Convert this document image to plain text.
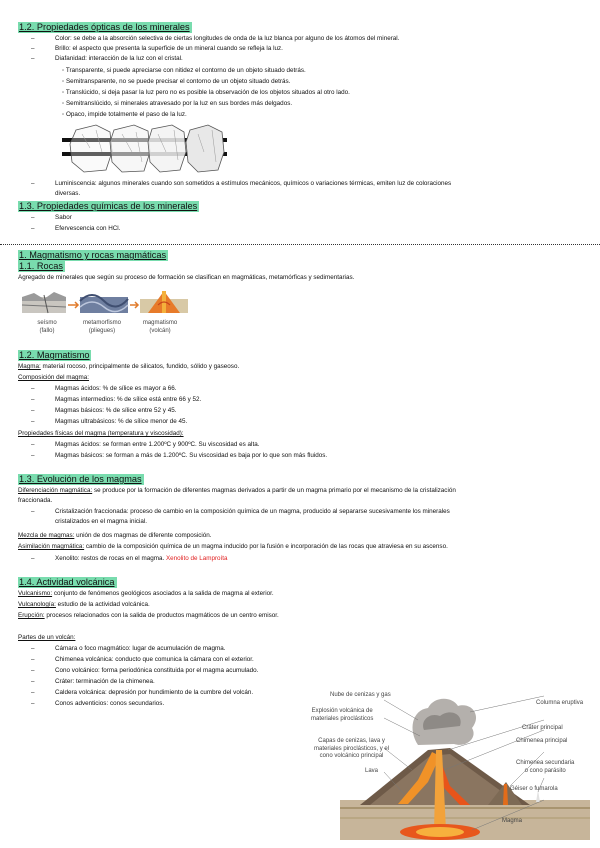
1.2. Propiedades ópticas de los minerales
–	Color: se debe a la absorción selectiva de ciertas longitudes de onda de la luz blanca por alguno de los átomos del mineral.
–	Brillo: el aspecto que presenta la superficie de un mineral cuando se refleja la luz.
–	Diafanidad: interacción de la luz con el cristal.
◦ Transparente, si puede apreciarse con nitidez el contorno de un objeto situado detrás.
◦ Semitransparente, no se puede precisar el contorno de un objeto situado detrás.
◦ Translúcido, si deja pasar la luz pero no es posible la observación de los objetos situados al otro lado.
◦ Semitranslúcido, si minerales atravesado por la luz en sus bordes más delgados.
◦ Opaco, impide totalmente el paso de la luz.
–	Luminiscencia: algunos minerales cuando son sometidos a estímulos mecánicos, químicos o variaciones térmicas, emiten luz de coloraciones
diversas.
1.3. Propiedades químicas de los minerales
–	Sabor
–	Efervescencia con HCl.
1. Magmatismo y rocas magmáticas
1.1. Rocas
Agregado de minerales que según su proceso de formación se clasifican en magmáticas, metamórficas y sedimentarias.
seísmo
(fallo)
metamorfismo
(pliegues)
magmatismo
(volcán)
1.2. Magmatismo
Magma: material rocoso, principalmente de silicatos, fundido, sólido y gaseoso.
Composición del magma:
–	Magmas ácidos: % de sílice es mayor a 66.
–	Magmas intermedios: % de sílice está entre 66 y 52.
–	Magmas básicos: % de sílice entre 52 y 45.
–	Magmas ultrabásicos: % de sílice menor de 45.
Propiedades físicas del magma (temperatura y viscosidad):
–	Magmas ácidos: se forman entre 1.200ºC y 900ºC. Su viscosidad es alta.
–	Magmas básicos: se forman a más de 1.200ºC. Su viscosidad es baja por lo que son más fluidos.
1.3. Evolución de los magmas
Diferenciación magmática: se produce por la formación de diferentes magmas derivados a partir de un magma primario por el mecanismo de la cristalización
fraccionada.
–	Cristalización fraccionada: proceso de cambio en la composición química de un magma, producido al separarse sucesivamente los minerales
cristalizados en el magma inicial.
Mezcla de magmas: unión de dos magmas de diferente composición.
Asimilación magmática: cambio de la composición química de un magma inducido por la fusión e incorporación de las rocas que atraviesa en su ascenso.
–	Xenolito: restos de rocas en el magma. Xenolito de Lamproíta
1.4. Actividad volcánica
Vulcanismo: conjunto de fenómenos geológicos asociados a la salida de magma al exterior.
Vulcanología: estudio de la actividad volcánica.
Erupción: procesos relacionados con la salida de productos magmáticos de un centro emisor.
Partes de un volcán:
–	Cámara o foco magmático: lugar de acumulación de magma.
–	Chimenea volcánica: conducto que comunica la cámara con el exterior.
–	Cono volcánico: forma periodónica constituida por el magma acumulado.
–	Cráter: terminación de la chimenea.
–	Caldera volcánica: depresión por hundimiento de la cumbre del volcán.
–	Conos adventicios: conos secundarios.
Nube de cenizas y gas
Explosión volcánica de
materiales piroclásticos
Capas de cenizas, lava y
materiales piroclásticos, y el
cono volcánico principal
Lava
Columna eruptiva
Cráter principal
Chimenea principal
Chimenea secundaria
o cono parásito
Géiser o fumarola
Magma
